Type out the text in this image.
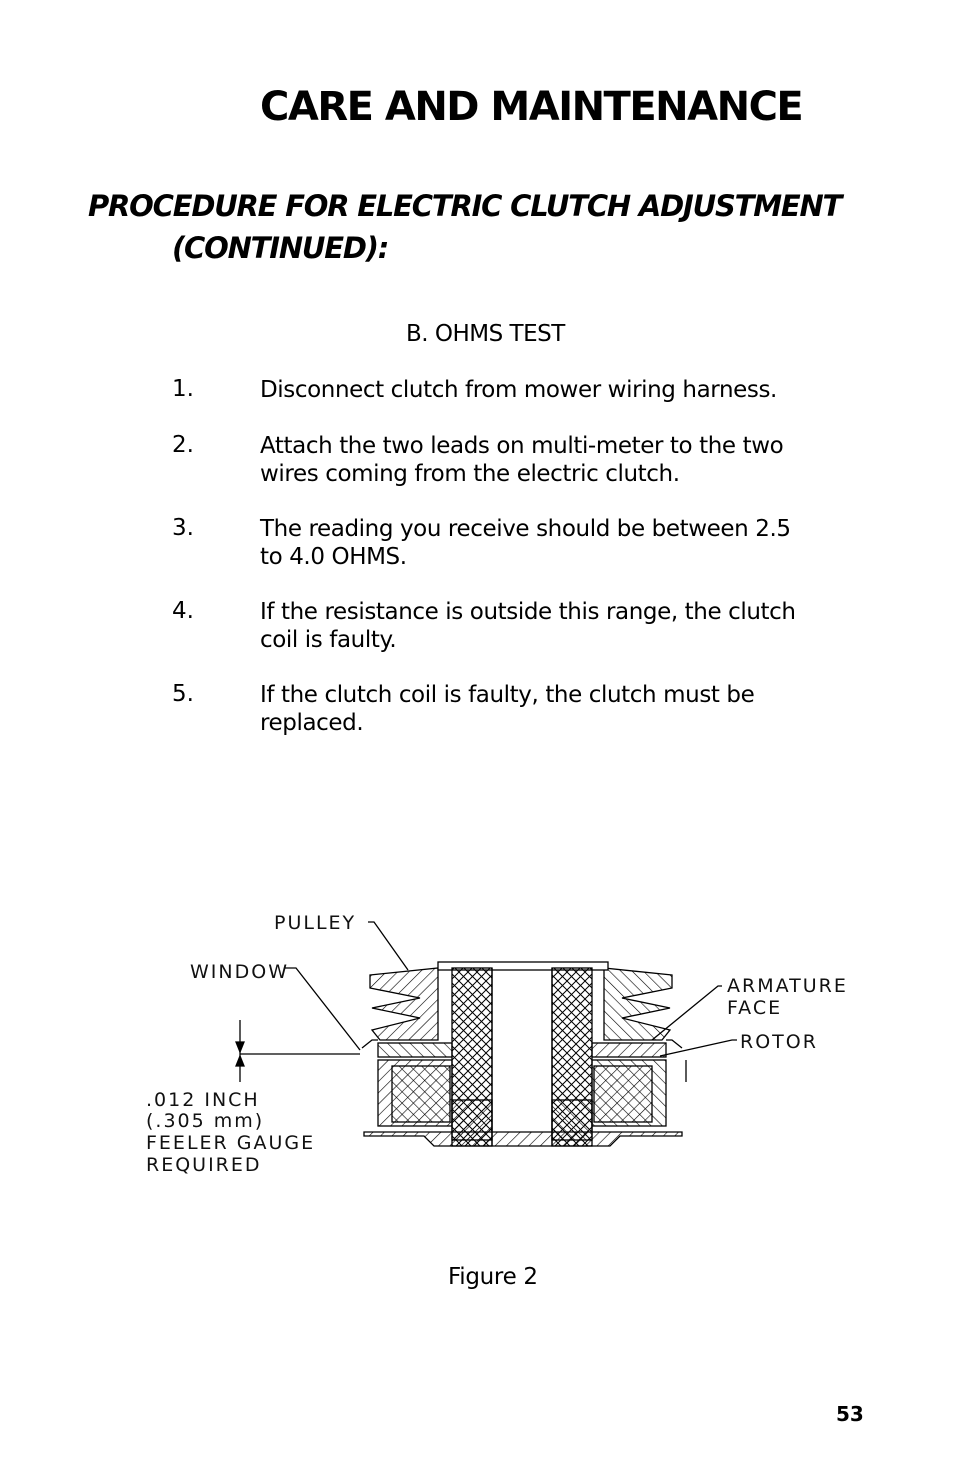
CARE AND MAINTENANCE
PROCEDURE FOR ELECTRIC CLUTCH ADJUSTMENT
(CONTINUED):
B. OHMS TEST
1.	Disconnect clutch from mower wiring harness.
2.	Attach the two leads on multi-meter to the two
wires coming from the electric clutch.
3.	The reading you receive should be between 2.5
to 4.0 OHMS.
4.	If the resistance is outside this range, the clutch
coil is faulty.
5.	If the clutch coil is faulty, the clutch must be
replaced.
PULLEY
WINDOW
ARMATURE
FACE
ROTOR
.012 INCH
(.305 mm)
FEELER GAUGE
REQUIRED
Figure 2
53
